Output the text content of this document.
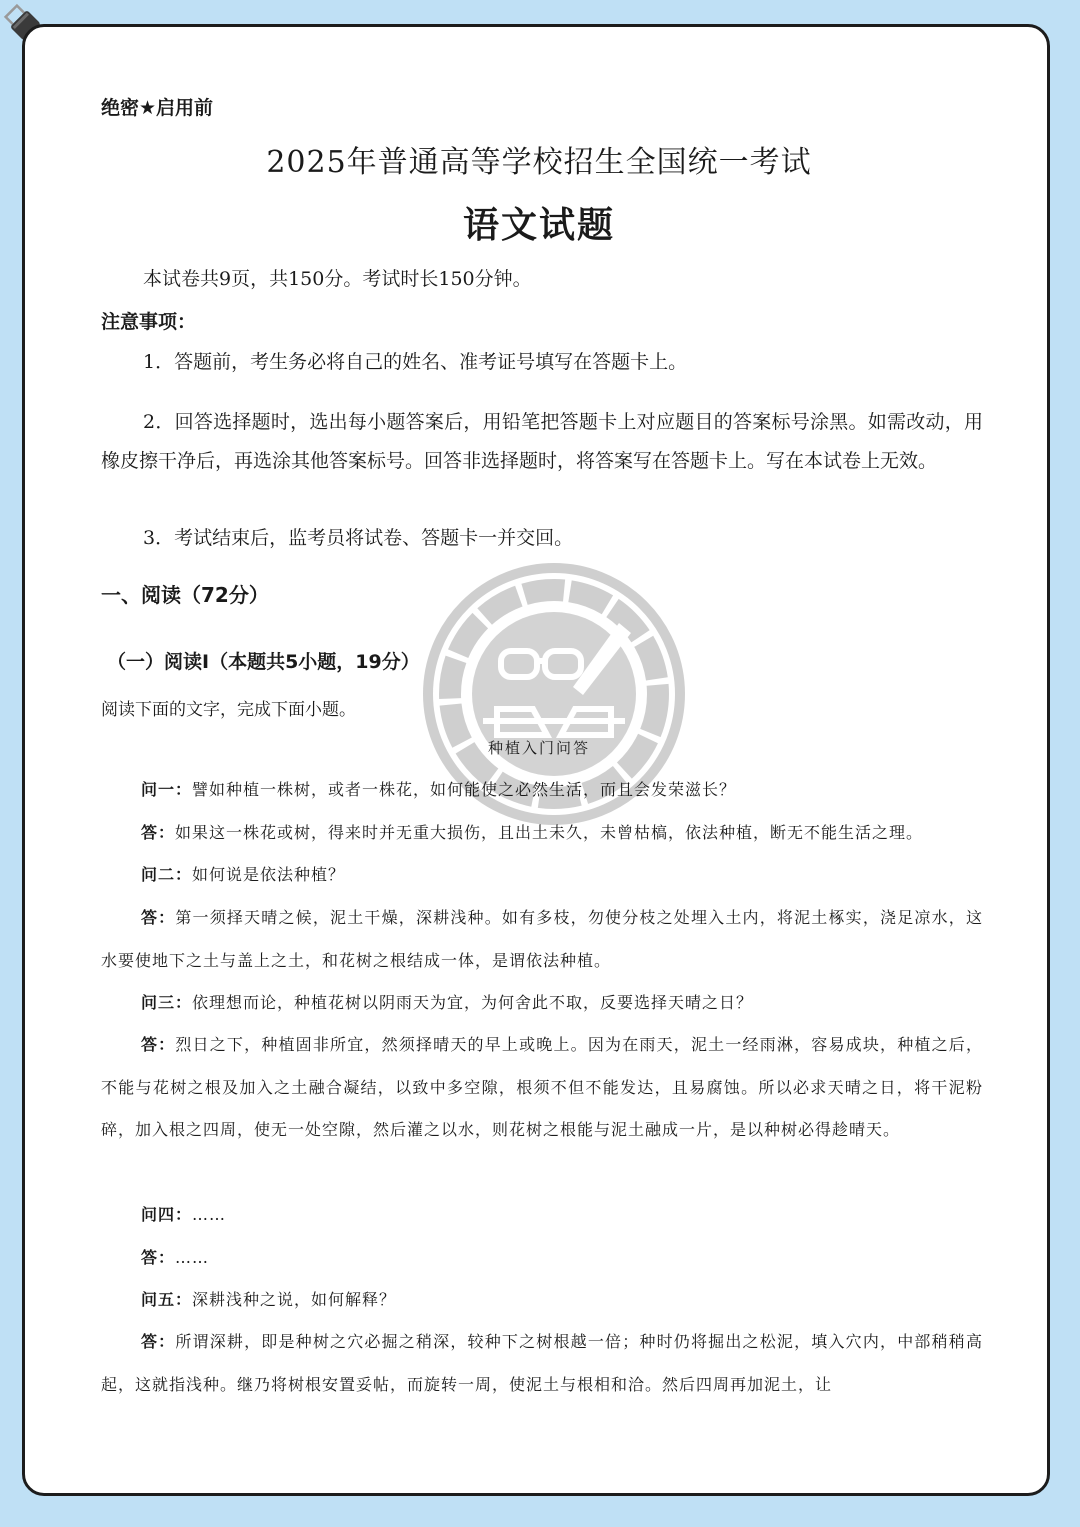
绝密★启用前

2025年普通高等学校招生全国统一考试

语文试题

本试卷共9页，共150分。考试时长150分钟。

注意事项：

1．答题前，考生务必将自己的姓名、准考证号填写在答题卡上。

2．回答选择题时，选出每小题答案后，用铅笔把答题卡上对应题目的答案标号涂黑。如需改动，用橡皮擦干净后，再选涂其他答案标号。回答非选择题时，将答案写在答题卡上。写在本试卷上无效。

3．考试结束后，监考员将试卷、答题卡一并交回。

一、阅读（72分）

（一）阅读I（本题共5小题，19分）

阅读下面的文字，完成下面小题。

种植入门问答

问一：譬如种植一株树，或者一株花，如何能使之必然生活，而且会发荣滋长？

答：如果这一株花或树，得来时并无重大损伤，且出土未久，未曾枯槁，依法种植，断无不能生活之理。

问二：如何说是依法种植？

答：第一须择天晴之候，泥土干燥，深耕浅种。如有多枝，勿使分枝之处埋入土内，将泥土椓实，浇足凉水，这水要使地下之土与盖上之土，和花树之根结成一体，是谓依法种植。

问三：依理想而论，种植花树以阴雨天为宜，为何舍此不取，反要选择天晴之日？

答：烈日之下，种植固非所宜，然须择晴天的早上或晚上。因为在雨天，泥土一经雨淋，容易成块，种植之后，不能与花树之根及加入之土融合凝结，以致中多空隙，根须不但不能发达，且易腐蚀。所以必求天晴之日，将干泥粉碎，加入根之四周，使无一处空隙，然后灌之以水，则花树之根能与泥土融成一片，是以种树必得趁晴天。

问四：……

答：……

问五：深耕浅种之说，如何解释？

答：所谓深耕，即是种树之穴必掘之稍深，较种下之树根越一倍；种时仍将掘出之松泥，填入穴内，中部稍稍高起，这就指浅种。继乃将树根安置妥帖，而旋转一周，使泥土与根相和洽。然后四周再加泥土，让
